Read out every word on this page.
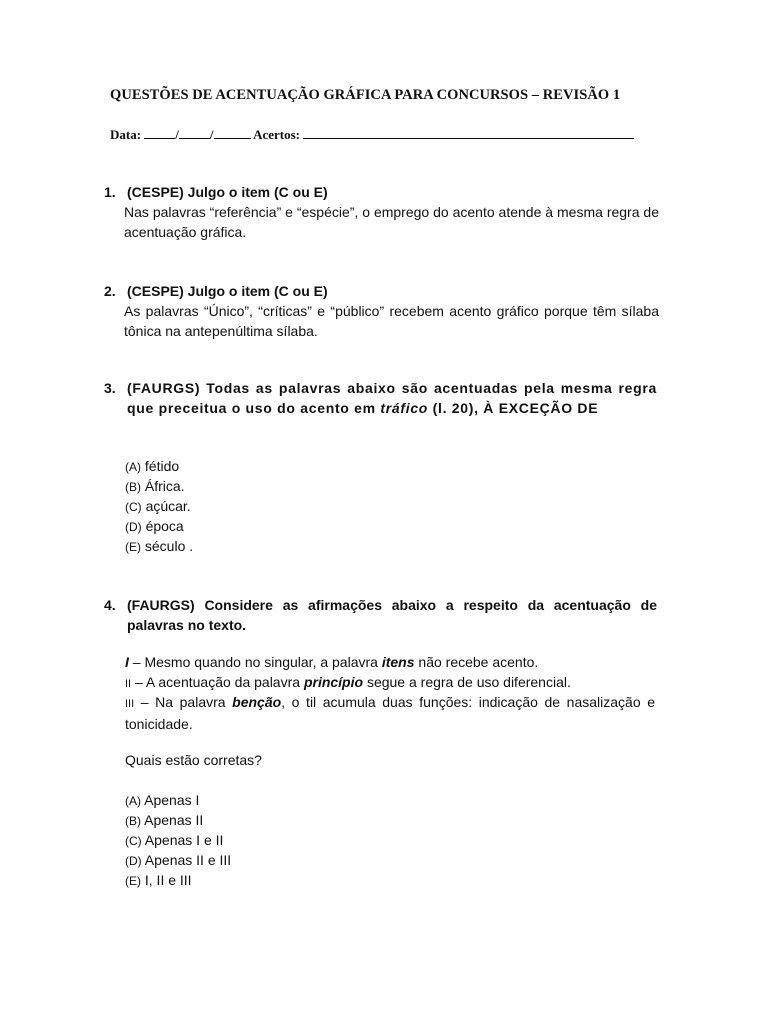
QUESTÕES DE ACENTUAÇÃO GRÁFICA PARA CONCURSOS – REVISÃO 1
Data:	/ /	Acertos:
1. (CESPE) Julgo o item (C ou E)
Nas palavras “referência” e “espécie”, o emprego do acento atende à mesma regra de acentuação gráfica.
2. (CESPE) Julgo o item (C ou E)
As palavras “Único”, “críticas” e “público” recebem acento gráfico porque têm sílaba tônica na antepenúltima sílaba.
3. (FAURGS) Todas as palavras abaixo são acentuadas pela mesma regra que preceitua o uso do acento em tráfico (l. 20), À EXCEÇÃO DE
(A) fétido
(B) África.
(C) açúcar.
(D) época
(E) século .
4. (FAURGS) Considere as afirmações abaixo a respeito da acentuação de palavras no texto.
I – Mesmo quando no singular, a palavra itens não recebe acento.
II – A acentuação da palavra princípio segue a regra de uso diferencial.
III – Na palavra benção, o til acumula duas funções: indicação de nasalização e tonicidade.
Quais estão corretas?
(A) Apenas I
(B) Apenas II
(C) Apenas I e II
(D) Apenas II e III
(E) I, II e III
